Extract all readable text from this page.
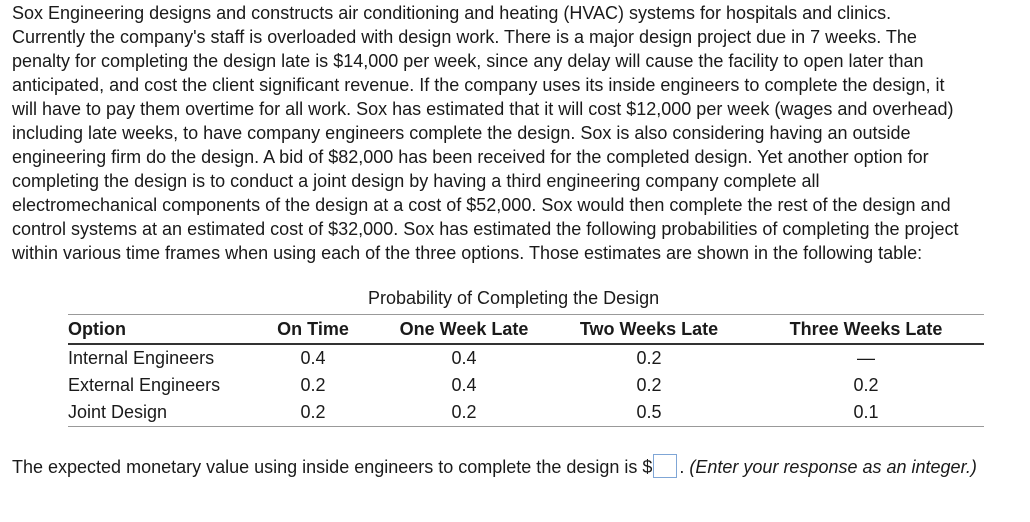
Sox Engineering designs and constructs air conditioning and heating (HVAC) systems for hospitals and clinics.
Currently the company's staff is overloaded with design work. There is a major design project due in 7 weeks. The
penalty for completing the design late is $14,000 per week, since any delay will cause the facility to open later than
anticipated, and cost the client significant revenue. If the company uses its inside engineers to complete the design, it
will have to pay them overtime for all work. Sox has estimated that it will cost $12,000 per week (wages and overhead)
including late weeks, to have company engineers complete the design. Sox is also considering having an outside
engineering firm do the design. A bid of $82,000 has been received for the completed design. Yet another option for
completing the design is to conduct a joint design by having a third engineering company complete all
electromechanical components of the design at a cost of $52,000. Sox would then complete the rest of the design and
control systems at an estimated cost of $32,000. Sox has estimated the following probabilities of completing the project
within various time frames when using each of the three options. Those estimates are shown in the following table:
Probability of Completing the Design
Option	On Time	One Week Late	Two Weeks Late	Three Weeks Late
Internal Engineers	0.4	0.4	0.2	—
External Engineers	0.2	0.4	0.2	0.2
Joint Design	0.2	0.2	0.5	0.1
The expected monetary value using inside engineers to complete the design is $ . (Enter your response as an integer.)
